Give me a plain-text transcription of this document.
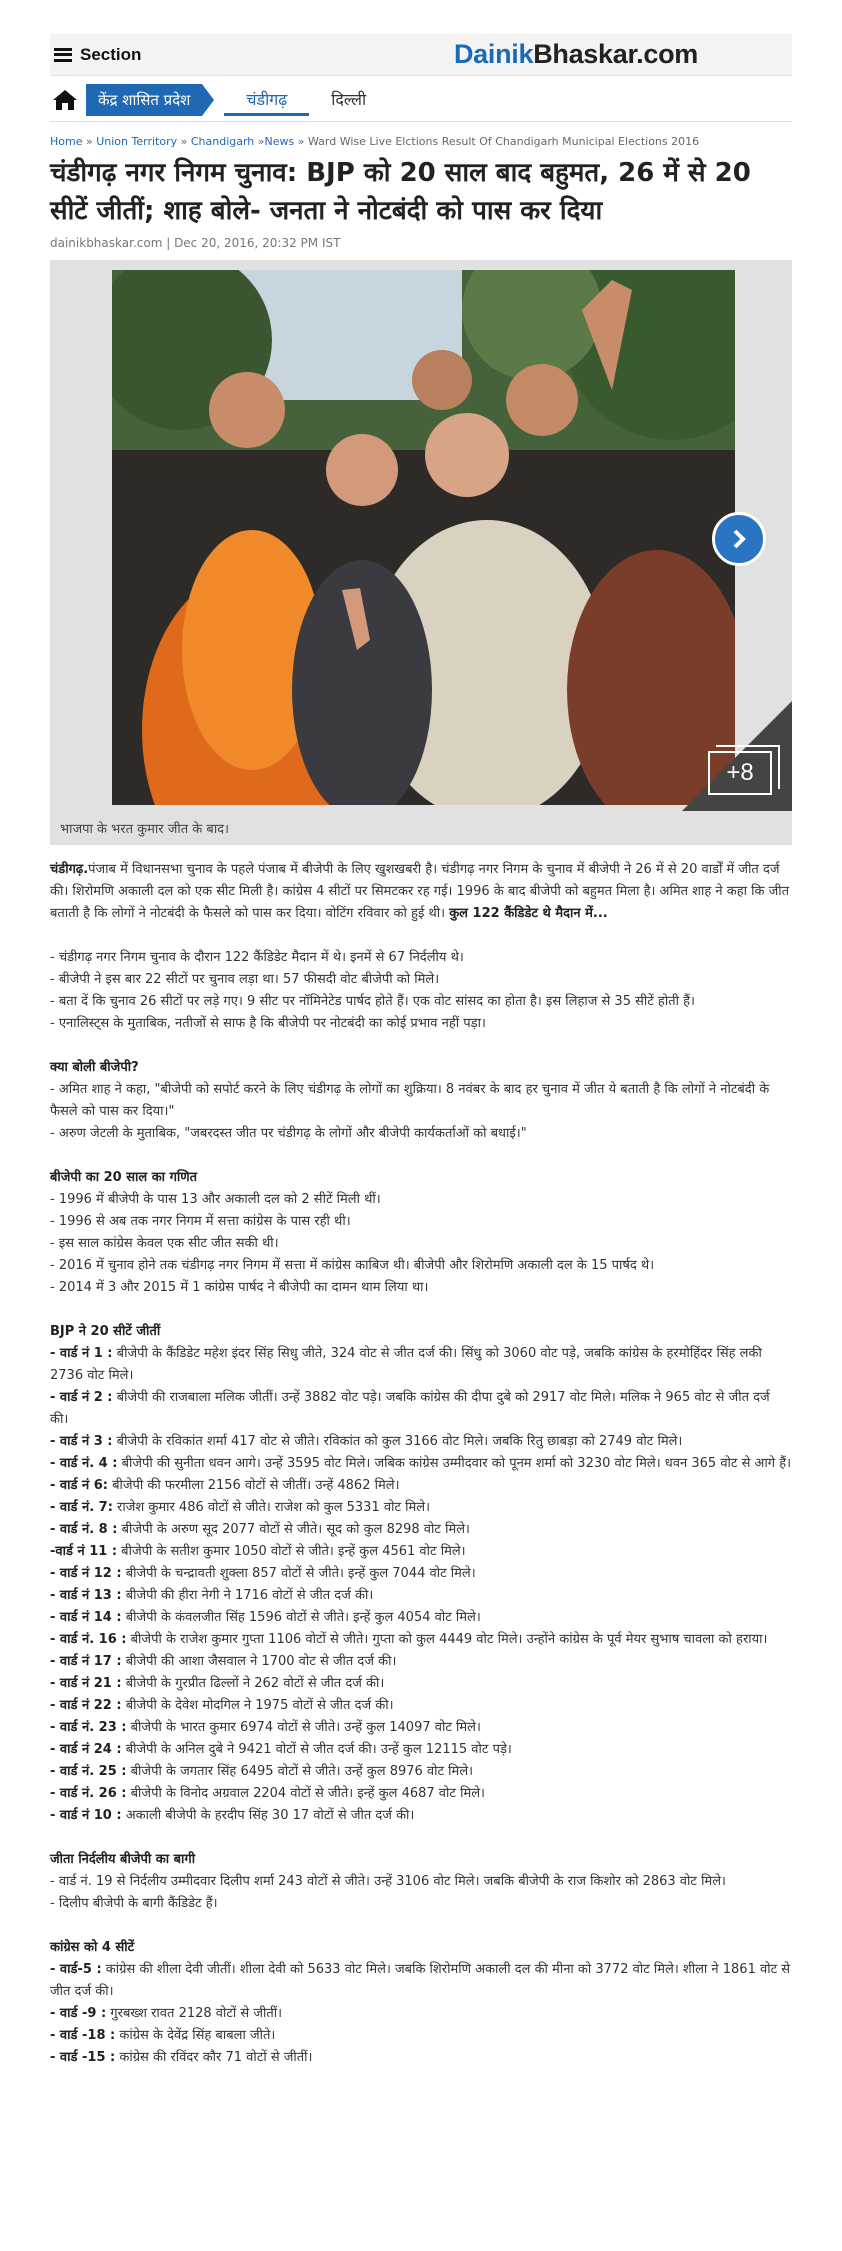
Section	DainikBhaskar.com
केंद्र शासित प्रदेश	चंडीगढ़	दिल्ली
Home » Union Territory » Chandigarh »News » Ward Wise Live Elctions Result Of Chandigarh Municipal Elections 2016
चंडीगढ़ नगर निगम चुनाव: BJP को 20 साल बाद बहुमत, 26 में से 20 सीटें जीतीं; शाह बोले- जनता ने नोटबंदी को पास कर दिया
dainikbhaskar.com | Dec 20, 2016, 20:32 PM IST
+8
भाजपा के भरत कुमार जीत के बाद।

चंडीगढ़.पंजाब में विधानसभा चुनाव के पहले पंजाब में बीजेपी के लिए खुशखबरी है। चंडीगढ़ नगर निगम के चुनाव में बीजेपी ने 26 में से 20 वार्डों में जीत दर्ज की। शिरोमणि अकाली दल को एक सीट मिली है। कांग्रेस 4 सीटों पर सिमटकर रह गई। 1996 के बाद बीजेपी को बहुमत मिला है। अमित शाह ने कहा कि जीत बताती है कि लोगों ने नोटबंदी के फैसले को पास कर दिया। वोटिंग रविवार को हुई थी। कुल 122 कैंडिडेट थे मैदान में...

- चंडीगढ़ नगर निगम चुनाव के दौरान 122 कैंडिडेट मैदान में थे। इनमें से 67 निर्दलीय थे।

- बीजेपी ने इस बार 22 सीटों पर चुनाव लड़ा था। 57 फीसदी वोट बीजेपी को मिले।

- बता दें कि चुनाव 26 सीटों पर लड़े गए। 9 सीट पर नॉमिनेटेड पार्षद होते हैं। एक वोट सांसद का होता है। इस लिहाज से 35 सीटें होती हैं।

- एनालिस्ट्स के मुताबिक, नतीजों से साफ है कि बीजेपी पर नोटबंदी का कोई प्रभाव नहीं पड़ा।

क्या बोली बीजेपी?

- अमित शाह ने कहा, "बीजेपी को सपोर्ट करने के लिए चंडीगढ़ के लोगों का शुक्रिया। 8 नवंबर के बाद हर चुनाव में जीत ये बताती है कि लोगों ने नोटबंदी के फैसले को पास कर दिया।"

- अरुण जेटली के मुताबिक, "जबरदस्त जीत पर चंडीगढ़ के लोगों और बीजेपी कार्यकर्ताओं को बधाई।"

बीजेपी का 20 साल का गणित

- 1996 में बीजेपी के पास 13 और अकाली दल को 2 सीटें मिली थीं।

- 1996 से अब तक नगर निगम में सत्ता कांग्रेस के पास रही थी।

- इस साल कांग्रेस केवल एक सीट जीत सकी थी।

- 2016 में चुनाव होने तक चंडीगढ़ नगर निगम में सत्ता में कांग्रेस काबिज थी। बीजेपी और शिरोमणि अकाली दल के 15 पार्षद थे।

- 2014 में 3 और 2015 में 1 कांग्रेस पार्षद ने बीजेपी का दामन थाम लिया था।

BJP ने 20 सीटें जीतीं

- वार्ड नं 1 : बीजेपी के कैंडिडेट महेश इंदर सिंह सिधु जीते, 324 वोट से जीत दर्ज की। सिंधु को 3060 वोट पड़े, जबकि कांग्रेस के हरमोहिंदर सिंह लकी 2736 वोट मिले।

- वार्ड नं 2 : बीजेपी की राजबाला मलिक जीतीं। उन्हें 3882 वोट पड़े। जबकि कांग्रेस की दीपा दुबे को 2917 वोट मिले। मलिक ने 965 वोट से जीत दर्ज की।

- वार्ड नं 3 : बीजेपी के रविकांत शर्मा 417 वोट से जीते। रविकांत को कुल 3166 वोट मिले। जबकि रितु छाबड़ा को 2749 वोट मिले।

- वार्ड नं. 4 : बीजेपी की सुनीता धवन आगे। उन्हें 3595 वोट मिले। जबिक कांग्रेस उम्मीदवार को पूनम शर्मा को 3230 वोट मिले। धवन 365 वोट से आगे हैं।

- वार्ड नं 6: बीजेपी की फरमीला 2156 वोटों से जीतीं। उन्हें 4862 मिले।

- वार्ड नं. 7: राजेश कुमार 486 वोटों से जीते। राजेश को कुल 5331 वोट मिले।

- वार्ड नं. 8 : बीजेपी के अरुण सूद 2077 वोटों से जीते। सूद को कुल 8298 वोट मिले।

-वार्ड नं 11 : बीजेपी के सतीश कुमार 1050 वोटों से जीते। इन्हें कुल 4561 वोट मिले।

- वार्ड नं 12 : बीजेपी के चन्द्रावती शुक्ला 857 वोटों से जीते। इन्हें कुल 7044 वोट मिले।

- वार्ड नं 13 : बीजेपी की हीरा नेगी ने 1716 वोटों से जीत दर्ज की।

- वार्ड नं 14 : बीजेपी के कंवलजीत सिंह 1596 वोटों से जीते। इन्हें कुल 4054 वोट मिले।

- वार्ड नं. 16 : बीजेपी के राजेश कुमार गुप्ता 1106 वोटों से जीते। गुप्ता को कुल 4449 वोट मिले। उन्होंने कांग्रेस के पूर्व मेयर सुभाष चावला को हराया।

- वार्ड नं 17 : बीजेपी की आशा जैसवाल ने 1700 वोट से जीत दर्ज की।

- वार्ड नं 21 : बीजेपी के गुरप्रीत ढिल्लों ने 262 वोटों से जीत दर्ज की।

- वार्ड नं 22 : बीजेपी के देवेश मोदगिल ने 1975 वोटों से जीत दर्ज की।

- वार्ड नं. 23 : बीजेपी के भारत कुमार 6974 वोटों से जीते। उन्हें कुल 14097 वोट मिले।

- वार्ड नं 24 : बीजेपी के अनिल दुबे ने 9421 वोटों से जीत दर्ज की। उन्हें कुल 12115 वोट पड़े।

- वार्ड नं. 25 : बीजेपी के जगतार सिंह 6495 वोटों से जीते। उन्हें कुल 8976 वोट मिले।

- वार्ड नं. 26 : बीजेपी के विनोद अग्रवाल 2204 वोटों से जीते। इन्हें कुल 4687 वोट मिले।

- वार्ड नं 10 : अकाली बीजेपी के हरदीप सिंह 30 17 वोटों से जीत दर्ज की।

जीता निर्दलीय बीजेपी का बागी

- वार्ड नं. 19 से निर्दलीय उम्मीदवार दिलीप शर्मा 243 वोटों से जीते। उन्हें 3106 वोट मिले। जबकि बीजेपी के राज किशोर को 2863 वोट मिले।

- दिलीप बीजेपी के बागी कैंडिडेट हैं।

कांग्रेस को 4 सीटें

- वार्ड-5 : कांग्रेस की शीला देवी जीतीं। शीला देवी को 5633 वोट मिले। जबकि शिरोमणि अकाली दल की मीना को 3772 वोट मिले। शीला ने 1861 वोट से जीत दर्ज की।

- वार्ड -9 : गुरबख्श रावत 2128 वोटों से जीतीं।

- वार्ड -18 : कांग्रेस के देवेंद्र सिंह बाबला जीते।

- वार्ड -15 : कांग्रेस की रविंदर कौर 71 वोटों से जीतीं।
